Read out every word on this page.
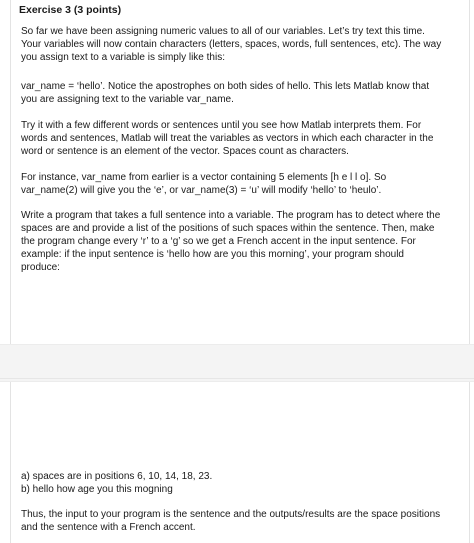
Exercise 3 (3 points)
So far we have been assigning numeric values to all of our variables. Let’s try text this time.
Your variables will now contain characters (letters, spaces, words, full sentences, etc). The way
you assign text to a variable is simply like this:
var_name = ‘hello’. Notice the apostrophes on both sides of hello. This lets Matlab know that
you are assigning text to the variable var_name.
Try it with a few different words or sentences until you see how Matlab interprets them. For
words and sentences, Matlab will treat the variables as vectors in which each character in the
word or sentence is an element of the vector. Spaces count as characters.
For instance, var_name from earlier is a vector containing 5 elements [h e l l o]. So
var_name(2) will give you the ‘e’, or var_name(3) = ‘u’ will modify ‘hello’ to ‘heulo’.
Write a program that takes a full sentence into a variable. The program has to detect where the
spaces are and provide a list of the positions of such spaces within the sentence. Then, make
the program change every ‘r’ to a ‘g’ so we get a French accent in the input sentence. For
example: if the input sentence is ‘hello how are you this morning’, your program should
produce:
a) spaces are in positions 6, 10, 14, 18, 23.
b) hello how age you this mogning
Thus, the input to your program is the sentence and the outputs/results are the space positions
and the sentence with a French accent.
